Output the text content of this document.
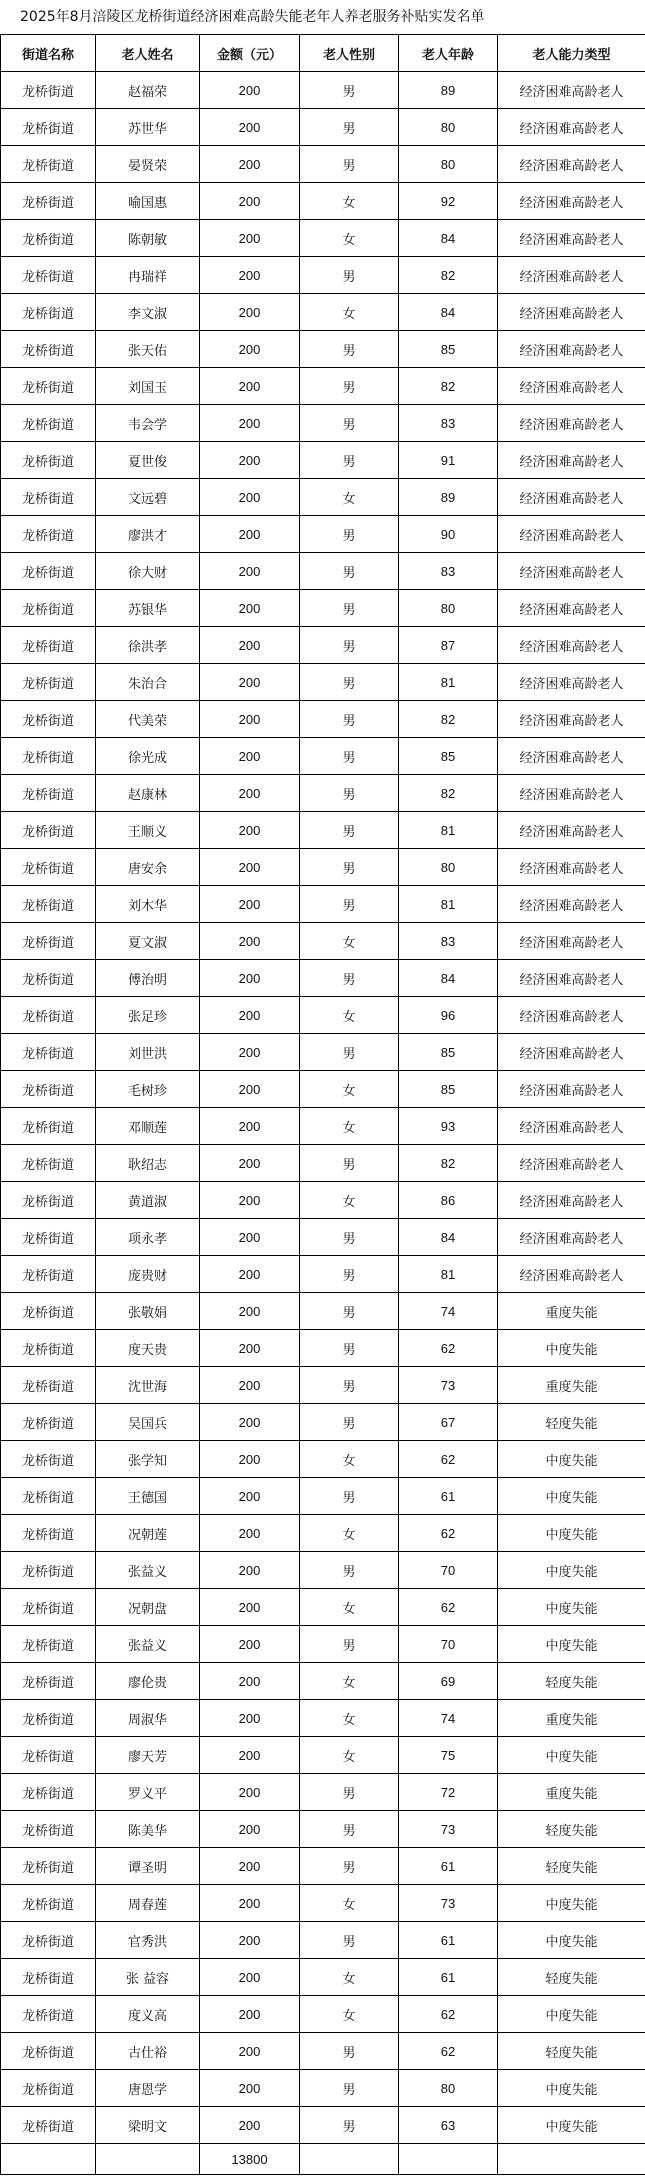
2025年8月涪陵区龙桥街道经济困难高龄失能老年人养老服务补贴实发名单
街道名称	老人姓名	金额（元）	老人性别	老人年龄	老人能力类型
龙桥街道	赵福荣	200	男	89	经济困难高龄老人
龙桥街道	苏世华	200	男	80	经济困难高龄老人
龙桥街道	晏贤荣	200	男	80	经济困难高龄老人
龙桥街道	喻国惠	200	女	92	经济困难高龄老人
龙桥街道	陈朝敏	200	女	84	经济困难高龄老人
龙桥街道	冉瑞祥	200	男	82	经济困难高龄老人
龙桥街道	李文淑	200	女	84	经济困难高龄老人
龙桥街道	张天佑	200	男	85	经济困难高龄老人
龙桥街道	刘国玉	200	男	82	经济困难高龄老人
龙桥街道	韦会学	200	男	83	经济困难高龄老人
龙桥街道	夏世俊	200	男	91	经济困难高龄老人
龙桥街道	文远碧	200	女	89	经济困难高龄老人
龙桥街道	廖洪才	200	男	90	经济困难高龄老人
龙桥街道	徐大财	200	男	83	经济困难高龄老人
龙桥街道	苏银华	200	男	80	经济困难高龄老人
龙桥街道	徐洪孝	200	男	87	经济困难高龄老人
龙桥街道	朱治合	200	男	81	经济困难高龄老人
龙桥街道	代美荣	200	男	82	经济困难高龄老人
龙桥街道	徐光成	200	男	85	经济困难高龄老人
龙桥街道	赵康林	200	男	82	经济困难高龄老人
龙桥街道	王顺义	200	男	81	经济困难高龄老人
龙桥街道	唐安余	200	男	80	经济困难高龄老人
龙桥街道	刘木华	200	男	81	经济困难高龄老人
龙桥街道	夏文淑	200	女	83	经济困难高龄老人
龙桥街道	傅治明	200	男	84	经济困难高龄老人
龙桥街道	张足珍	200	女	96	经济困难高龄老人
龙桥街道	刘世洪	200	男	85	经济困难高龄老人
龙桥街道	毛树珍	200	女	85	经济困难高龄老人
龙桥街道	邓顺莲	200	女	93	经济困难高龄老人
龙桥街道	耿绍志	200	男	82	经济困难高龄老人
龙桥街道	黄道淑	200	女	86	经济困难高龄老人
龙桥街道	项永孝	200	男	84	经济困难高龄老人
龙桥街道	庞贵财	200	男	81	经济困难高龄老人
龙桥街道	张敬娟	200	男	74	重度失能
龙桥街道	度天贵	200	男	62	中度失能
龙桥街道	沈世海	200	男	73	重度失能
龙桥街道	吴国兵	200	男	67	轻度失能
龙桥街道	张学知	200	女	62	中度失能
龙桥街道	王德国	200	男	61	中度失能
龙桥街道	况朝莲	200	女	62	中度失能
龙桥街道	张益义	200	男	70	中度失能
龙桥街道	况朝盘	200	女	62	中度失能
龙桥街道	张益义	200	男	70	中度失能
龙桥街道	廖伦贵	200	女	69	轻度失能
龙桥街道	周淑华	200	女	74	重度失能
龙桥街道	廖天芳	200	女	75	中度失能
龙桥街道	罗义平	200	男	72	重度失能
龙桥街道	陈美华	200	男	73	轻度失能
龙桥街道	谭圣明	200	男	61	轻度失能
龙桥街道	周春莲	200	女	73	中度失能
龙桥街道	官秀洪	200	男	61	中度失能
龙桥街道	张 益容	200	女	61	轻度失能
龙桥街道	度义高	200	女	62	中度失能
龙桥街道	古仕裕	200	男	62	轻度失能
龙桥街道	唐恩学	200	男	80	中度失能
龙桥街道	梁明文	200	男	63	中度失能
		13800			
